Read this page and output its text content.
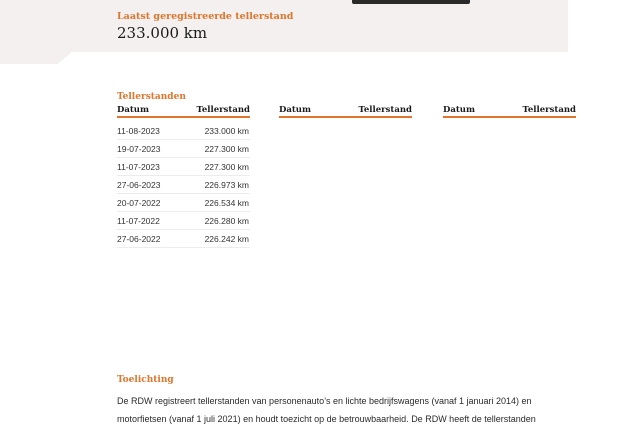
Laatst geregistreerde tellerstand
233.000 km
Tellerstanden
Datum	Tellerstand
11-08-2023	233.000 km
19-07-2023	227.300 km
11-07-2023	227.300 km
27-06-2023	226.973 km
20-07-2022	226.534 km
11-07-2022	226.280 km
27-06-2022	226.242 km
Datum	Tellerstand	Datum	Tellerstand
Toelichting

De RDW registreert tellerstanden van personenauto’s en lichte bedrijfswagens (vanaf 1 januari 2014) en

motorfietsen (vanaf 1 juli 2021) en houdt toezicht op de betrouwbaarheid. De RDW heeft de tellerstanden
